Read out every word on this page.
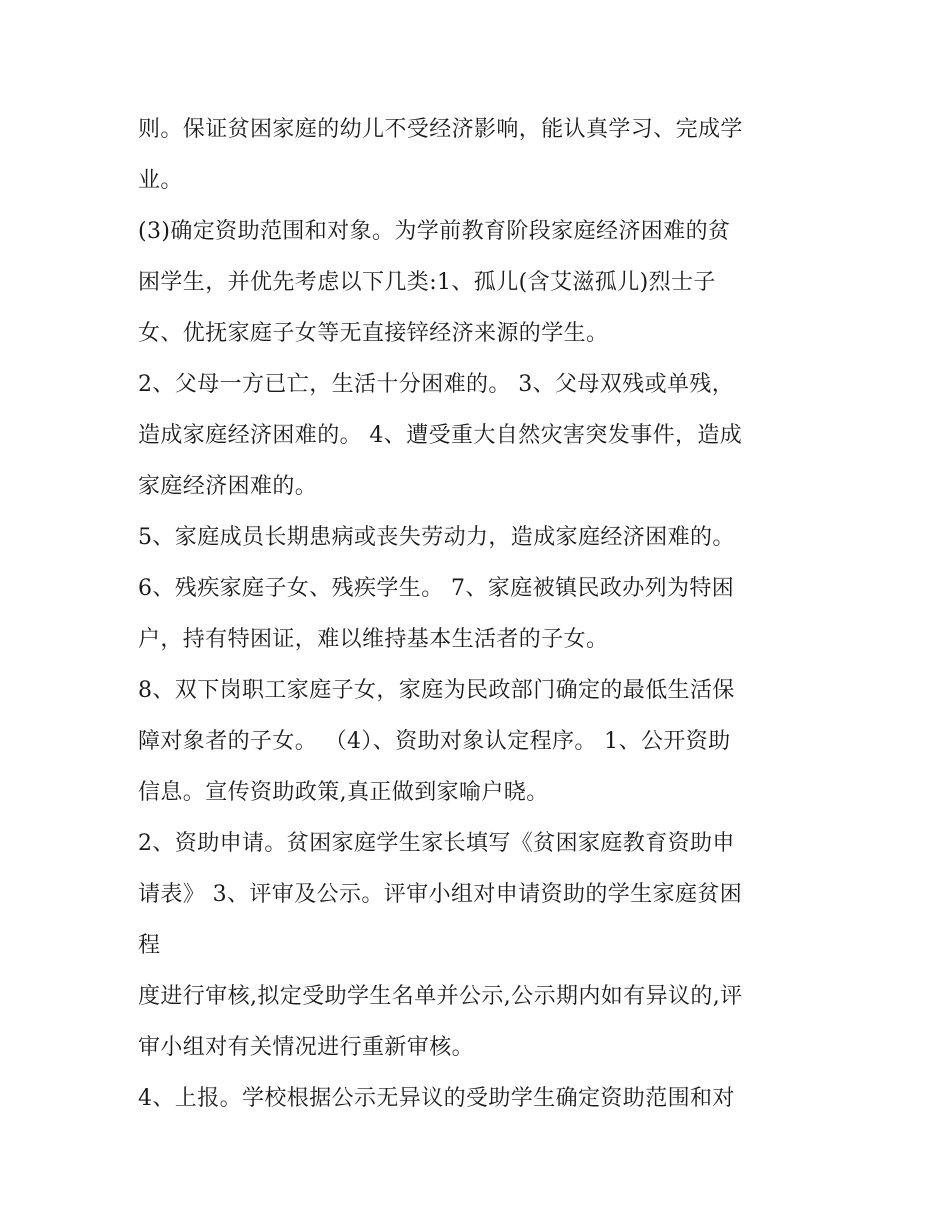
则。保证贫困家庭的幼儿不受经济影响，能认真学习、完成学
业。
(3)确定资助范围和对象。为学前教育阶段家庭经济困难的贫
困学生，并优先考虑以下几类:1、孤儿(含艾滋孤儿)烈士子
女、优抚家庭子女等无直接锌经济来源的学生。
2、父母一方已亡，生活十分困难的。 3、父母双残或单残，
造成家庭经济困难的。 4、遭受重大自然灾害突发事件，造成
家庭经济困难的。
5、家庭成员长期患病或丧失劳动力，造成家庭经济困难的。
6、残疾家庭子女、残疾学生。 7、家庭被镇民政办列为特困
户，持有特困证，难以维持基本生活者的子女。
8、双下岗职工家庭子女，家庭为民政部门确定的最低生活保
障对象者的子女。 （4）、资助对象认定程序。 1、公开资助
信息。宣传资助政策,真正做到家喻户晓。
2、资助申请。贫困家庭学生家长填写《贫困家庭教育资助申
请表》 3、评审及公示。评审小组对申请资助的学生家庭贫困
程
度进行审核,拟定受助学生名单并公示,公示期内如有异议的,评
审小组对有关情况进行重新审核。
4、上报。学校根据公示无异议的受助学生确定资助范围和对
